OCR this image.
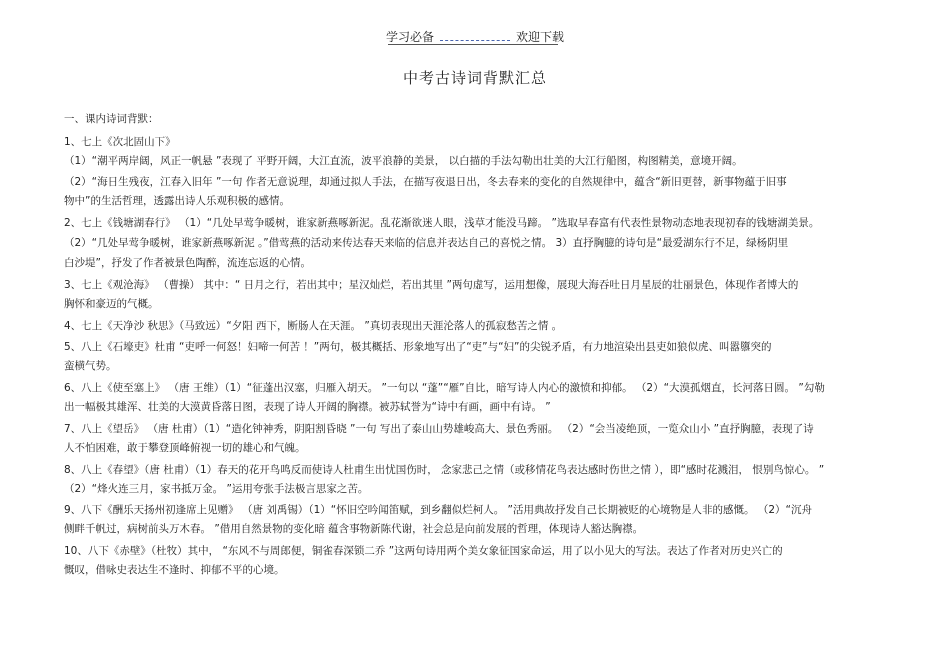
学习必备	欢迎下载
中考古诗词背默汇总
一、课内诗词背默：
1、七上《次北固山下》
（1）“潮平两岸阔，风正一帆悬 ”表现了 平野开阔，大江直流，波平浪静的美景， 以白描的手法勾勒出壮美的大江行船图，构图精美，意境开阔。
（2）“海日生残夜，江春入旧年 ”一句 作者无意说理，却通过拟人手法，在描写夜退日出，冬去春来的变化的自然规律中，蕴含“新旧更替，新事物蕴于旧事
物中”的生活哲理，透露出诗人乐观积极的感情。
2、七上《钱塘湖春行》 （1）“几处早莺争暖树，谁家新燕啄新泥。乱花渐欲迷人眼，浅草才能没马蹄。 ”选取早春富有代表性景物动态地表现初春的钱塘湖美景。
（2）“几处早莺争暖树，谁家新燕啄新泥 。”借莺燕的活动来传达春天来临的信息并表达自己的喜悦之情。 3）直抒胸臆的诗句是“最爱湖东行不足，绿杨阴里
白沙堤”，抒发了作者被景色陶醉，流连忘返的心情。
3、七上《观沧海》 （曹操） 其中：“ 日月之行，若出其中；星汉灿烂，若出其里 ”两句虚写，运用想像，展现大海吞吐日月星辰的壮丽景色，体现作者博大的
胸怀和豪迈的气概。
4、七上《天净沙 秋思》（马致远）“夕阳 西下，断肠人在天涯。 ”真切表现出天涯沦落人的孤寂愁苦之情 。
5、八上《石壕吏》杜甫 “吏呼一何怒！妇啼一何苦 ！”两句，极其概括、形象地写出了“吏”与“妇”的尖锐矛盾，有力地渲染出县吏如狼似虎、叫嚣隳突的
蛮横气势。
6、八上《使至塞上》 （唐 王维）（1）“征蓬出汉塞，归雁入胡天。 ”一句以 “蓬”“雁”自比，暗写诗人内心的激愤和抑郁。 （2）“大漠孤烟直，长河落日圆。 ”勾勒
出一幅极其雄浑、壮美的大漠黄昏落日图，表现了诗人开阔的胸襟。被苏轼誉为“诗中有画，画中有诗。 ”
7、八上《望岳》 （唐 杜甫）（1）“造化钟神秀，阴阳割昏晓 ”一句 写出了泰山山势雄峻高大、景色秀丽。 （2）“会当凌绝顶，一览众山小 ”直抒胸臆，表现了诗
人不怕困难，敢于攀登顶峰俯视一切的雄心和气魄。
8、八上《春望》（唐 杜甫）（1）春天的花开鸟鸣反而使诗人杜甫生出忧国伤时， 念家悲己之情（或移情花鸟表达感时伤世之情 ），即“感时花溅泪， 恨别鸟惊心。 ”
（2）“烽火连三月，家书抵万金。 ”运用夸张手法极言思家之苦。
9、八下《酬乐天扬州初逢席上见赠》 （唐 刘禹锡）（1）“怀旧空吟闻笛赋，到乡翻似烂柯人。 ”活用典故抒发自己长期被贬的心境物是人非的感慨。 （2）“沉舟
侧畔千帆过，病树前头万木春。 ”借用自然景物的变化暗 蕴含事物新陈代谢，社会总是向前发展的哲理，体现诗人豁达胸襟。
10、八下《赤壁》（杜牧）其中， “东风不与周郎便，铜雀春深锁二乔 ”这两句诗用两个美女象征国家命运，用了以小见大的写法。表达了作者对历史兴亡的
慨叹，借咏史表达生不逢时、抑郁不平的心境。
